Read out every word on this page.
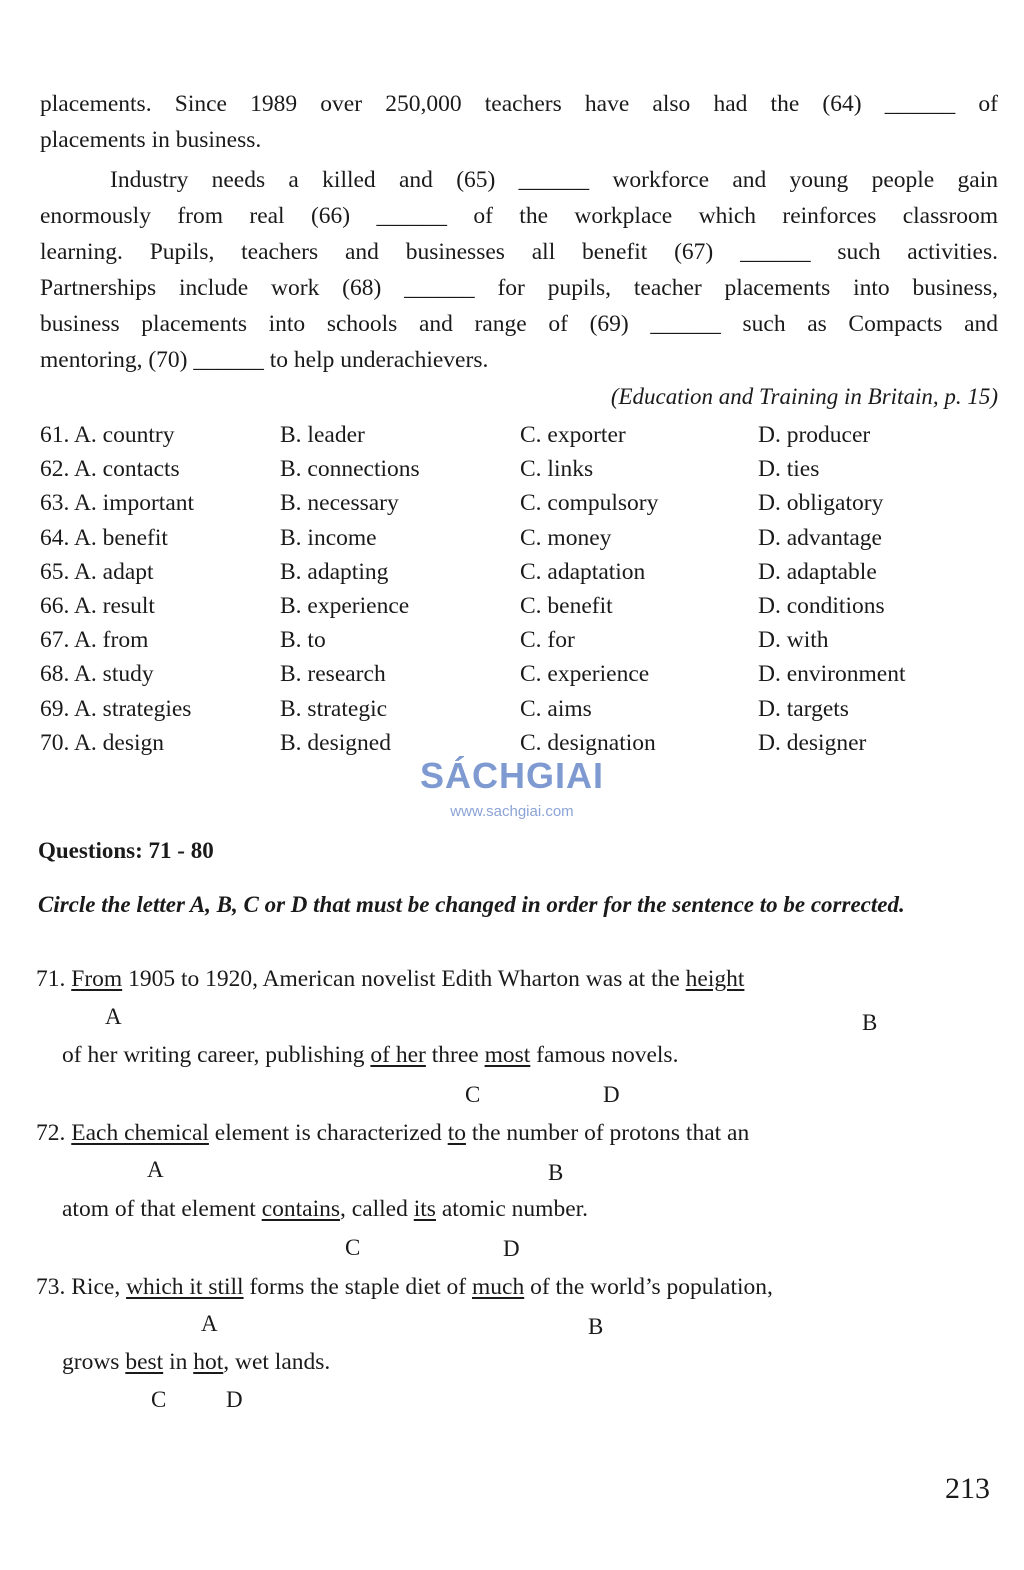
placements. Since 1989 over 250,000 teachers have also had the (64) ______ of

placements in business.

Industry needs a killed and (65) ______ workforce and young people gain

enormously from real (66) ______ of the workplace which reinforces classroom

learning. Pupils, teachers and businesses all benefit (67) ______ such activities.

Partnerships include work (68) ______ for pupils, teacher placements into business,

business placements into schools and range of (69) ______ such as Compacts and

mentoring, (70) ______ to help underachievers.

(Education and Training in Britain, p. 15)
61. A. country	B. leader	C. exporter	D. producer
62. A. contacts	B. connections	C. links	D. ties
63. A. important	B. necessary	C. compulsory	D. obligatory
64. A. benefit	B. income	C. money	D. advantage
65. A. adapt	B. adapting	C. adaptation	D. adaptable
66. A. result	B. experience	C. benefit	D. conditions
67. A. from	B. to	C. for	D. with
68. A. study	B. research	C. experience	D. environment
69. A. strategies	B. strategic	C. aims	D. targets
70. A. design	B. designed	C. designation	D. designer
SÁCHGIAI
www.sachgiai.com
Questions: 71 - 80
Circle the letter A, B, C or D that must be changed in order for the sentence to be corrected.
71. From 1905 to 1920, American novelist Edith Wharton was at the height
A	B
of her writing career, publishing of her three most famous novels.
C	D
72. Each chemical element is characterized to the number of protons that an
A	B
atom of that element contains, called its atomic number.
C	D
73. Rice, which it still forms the staple diet of much of the world’s population,
A	B
grows best in hot, wet lands.
C	D
213
